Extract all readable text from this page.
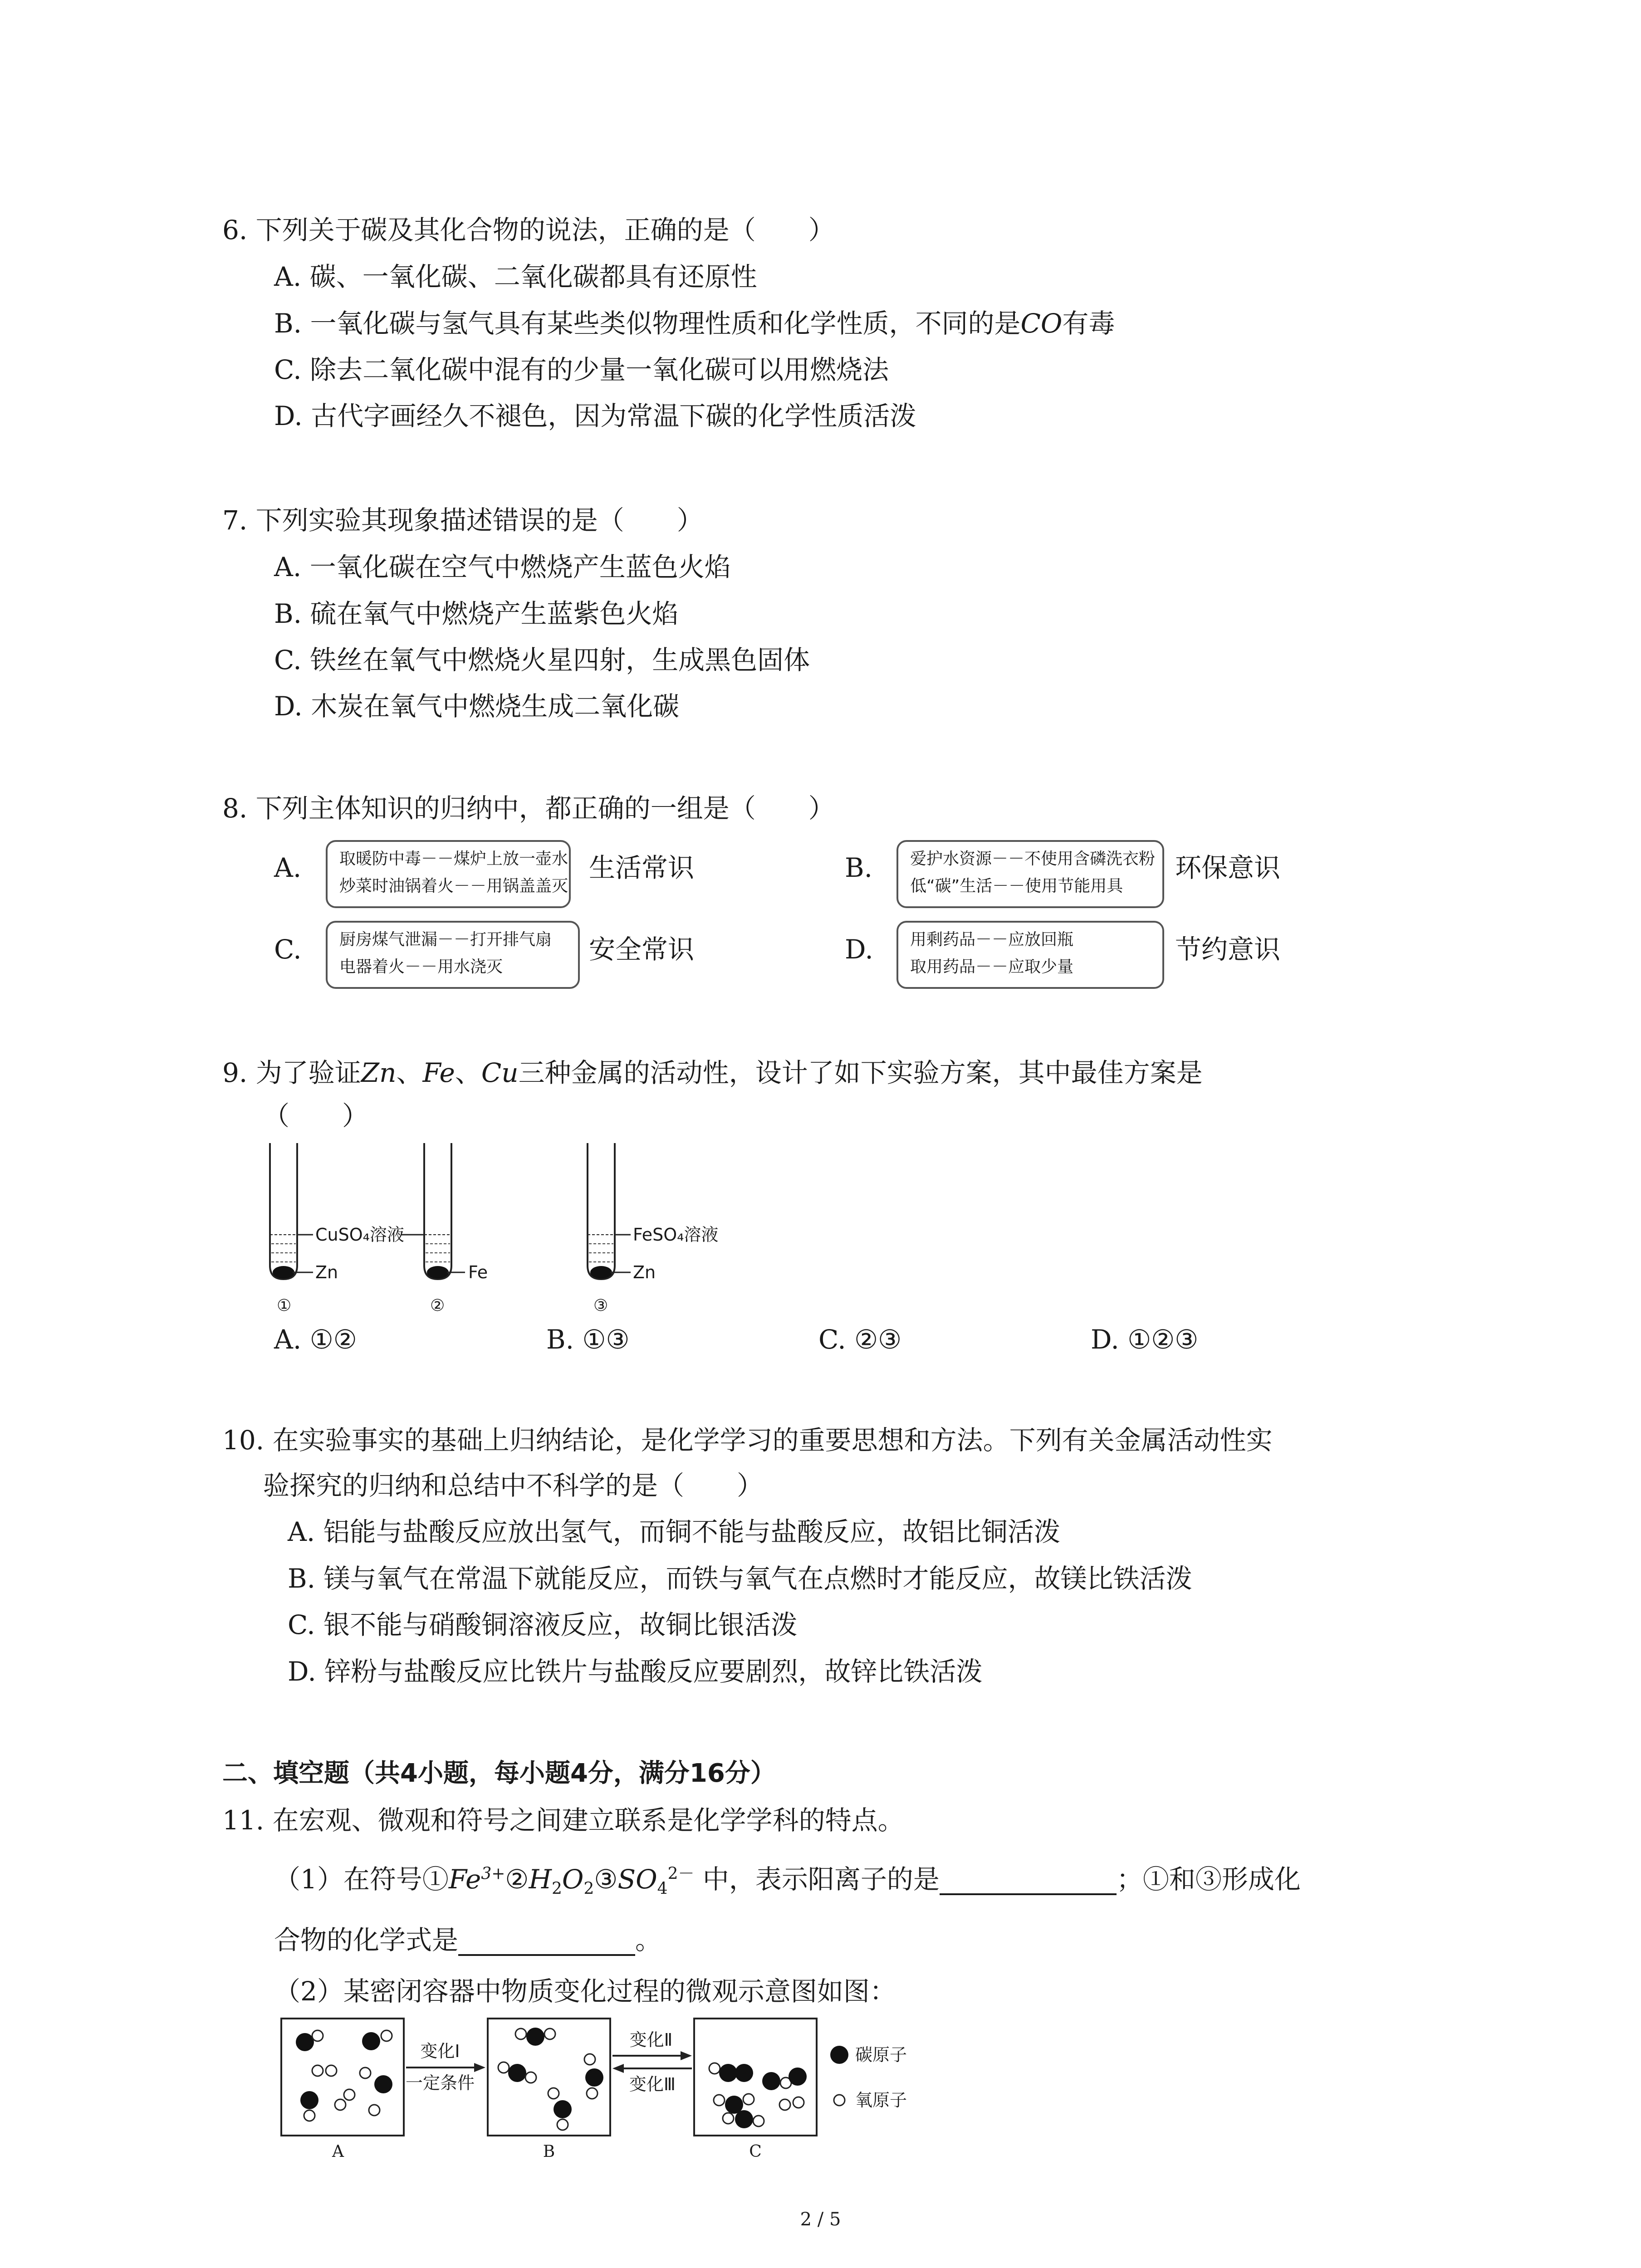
6. 下列关于碳及其化合物的说法，正确的是（　　）
A. 碳、一氧化碳、二氧化碳都具有还原性
B. 一氧化碳与氢气具有某些类似物理性质和化学性质，不同的是CO有毒
C. 除去二氧化碳中混有的少量一氧化碳可以用燃烧法
D. 古代字画经久不褪色，因为常温下碳的化学性质活泼
7. 下列实验其现象描述错误的是（　　）
A. 一氧化碳在空气中燃烧产生蓝色火焰
B. 硫在氧气中燃烧产生蓝紫色火焰
C. 铁丝在氧气中燃烧火星四射，生成黑色固体
D. 木炭在氧气中燃烧生成二氧化碳
8. 下列主体知识的归纳中，都正确的一组是（　　）
A. 取暖防中毒－－煤炉上放一壶水
炒菜时油锅着火－－用锅盖盖灭
生活常识	B. 爱护水资源－－不使用含磷洗衣粉
低“碳”生活－－使用节能用具
环保意识
C. 厨房煤气泄漏－－打开排气扇
电器着火－－用水浇灭
安全常识	D. 用剩药品－－应放回瓶
取用药品－－应取少量
节约意识
9. 为了验证Zn、Fe、Cu三种金属的活动性，设计了如下实验方案，其中最佳方案是
（　　）
CuSO₄溶液
Zn
①
Fe
②
FeSO₄溶液
Zn
③
A. ①②	B. ①③	C. ②③	D. ①②③
10. 在实验事实的基础上归纳结论，是化学学习的重要思想和方法。下列有关金属活动性实
验探究的归纳和总结中不科学的是（　　）
A. 铝能与盐酸反应放出氢气，而铜不能与盐酸反应，故铝比铜活泼
B. 镁与氧气在常温下就能反应，而铁与氧气在点燃时才能反应，故镁比铁活泼
C. 银不能与硝酸铜溶液反应，故铜比银活泼
D. 锌粉与盐酸反应比铁片与盐酸反应要剧烈，故锌比铁活泼
二、填空题（共4小题，每小题4分，满分16分）
11. 在宏观、微观和符号之间建立联系是化学学科的特点。
（1）在符号$①Fe^{3+}②H_2O_2③SO_4^{2-}$ 中，表示阳离子的是	；①和③形成化
合物的化学式是	。
（2）某密闭容器中物质变化过程的微观示意图如图：
A
变化Ⅰ
一定条件
B
变化Ⅱ
变化Ⅲ
C
碳原子
氧原子
2 / 5
